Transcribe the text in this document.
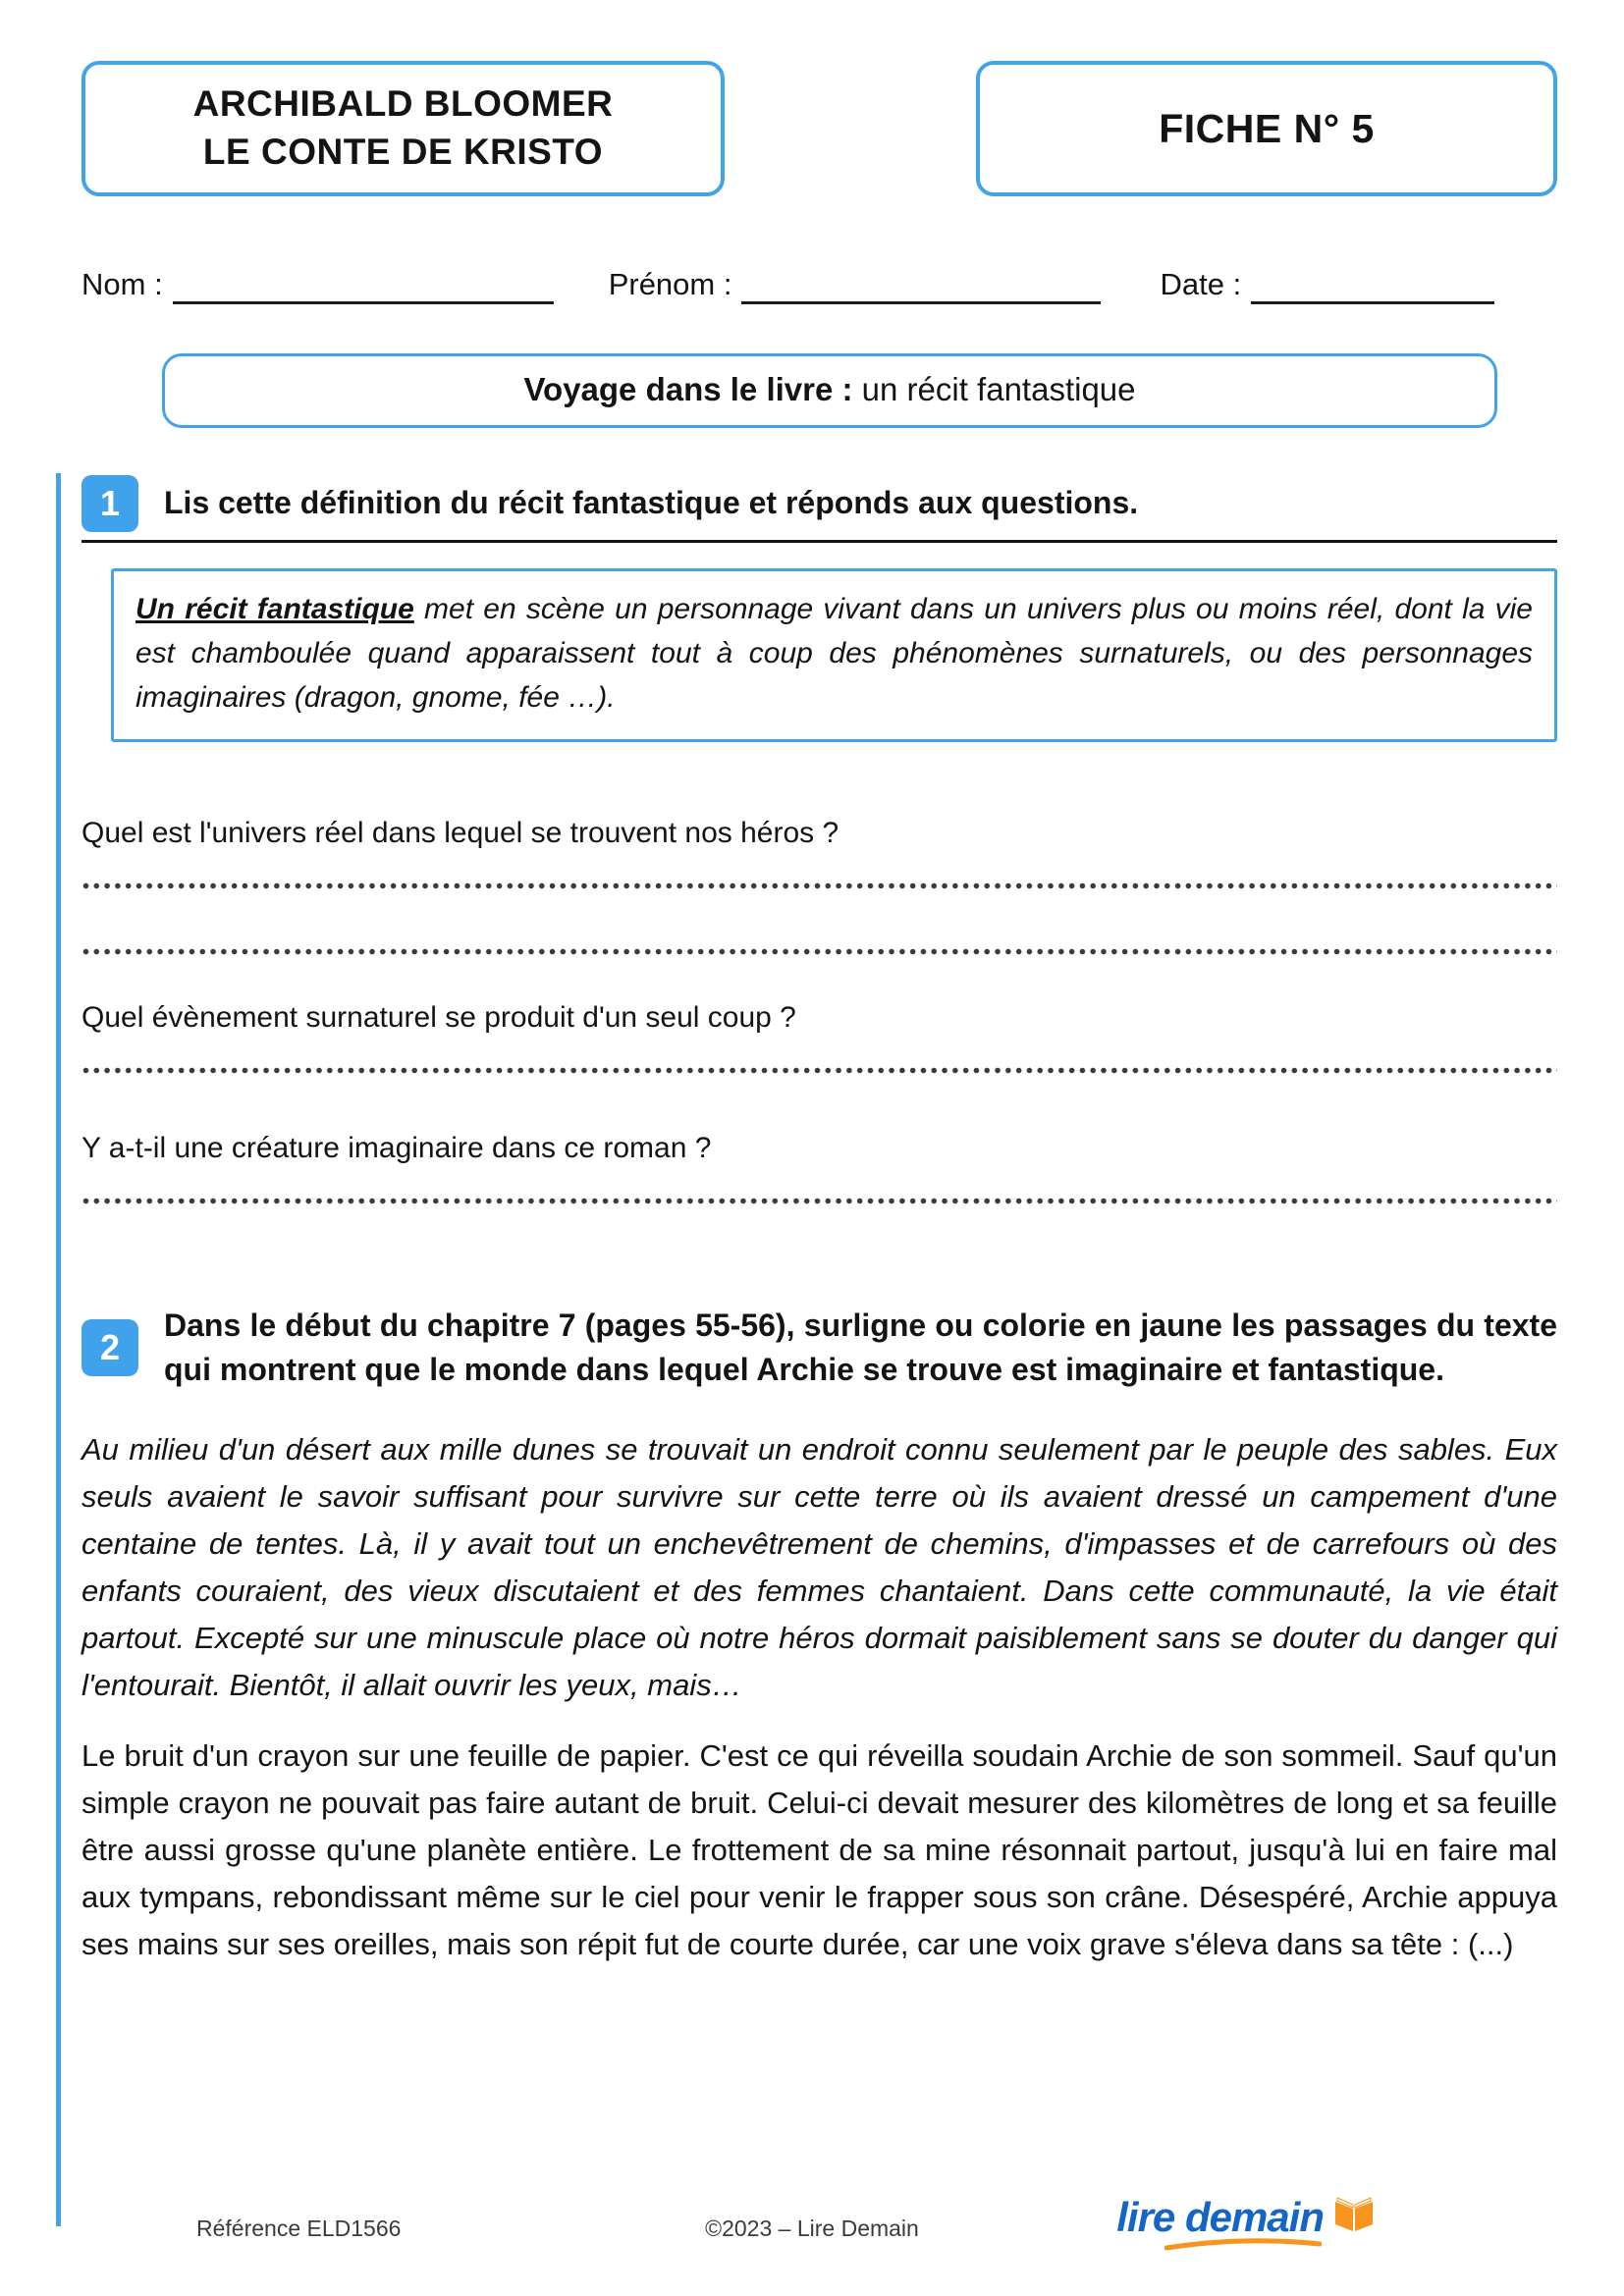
ARCHIBALD BLOOMER
LE CONTE DE KRISTO
FICHE N° 5
Nom :	Prénom :	Date :
Voyage dans le livre : un récit fantastique
1	Lis cette définition du récit fantastique et réponds aux questions.
Un récit fantastique met en scène un personnage vivant dans un univers plus ou moins réel, dont la vie est chamboulée quand apparaissent tout à coup des phénomènes surnaturels, ou des personnages imaginaires (dragon, gnome, fée …).
Quel est l'univers réel dans lequel se trouvent nos héros ?
Quel évènement surnaturel se produit d'un seul coup ?
Y a-t-il une créature imaginaire dans ce roman ?
2
Dans le début du chapitre 7 (pages 55-56), surligne ou colorie en jaune les passages du texte qui montrent que le monde dans lequel Archie se trouve est imaginaire et fantastique.
Au milieu d'un désert aux mille dunes se trouvait un endroit connu seulement par le peuple des sables. Eux seuls avaient le savoir suffisant pour survivre sur cette terre où ils avaient dressé un campement d'une centaine de tentes. Là, il y avait tout un enchevêtrement de chemins, d'impasses et de carrefours où des enfants couraient, des vieux discutaient et des femmes chantaient. Dans cette communauté, la vie était partout. Excepté sur une minuscule place où notre héros dormait paisiblement sans se douter du danger qui l'entourait. Bientôt, il allait ouvrir les yeux, mais…
Le bruit d'un crayon sur une feuille de papier. C'est ce qui réveilla soudain Archie de son sommeil. Sauf qu'un simple crayon ne pouvait pas faire autant de bruit. Celui-ci devait mesurer des kilomètres de long et sa feuille être aussi grosse qu'une planète entière. Le frottement de sa mine résonnait partout, jusqu'à lui en faire mal aux tympans, rebondissant même sur le ciel pour venir le frapper sous son crâne. Désespéré, Archie appuya ses mains sur ses oreilles, mais son répit fut de courte durée, car une voix grave s'éleva dans sa tête : (...)
Référence ELD1566	©2023 – Lire Demain	lire demain
